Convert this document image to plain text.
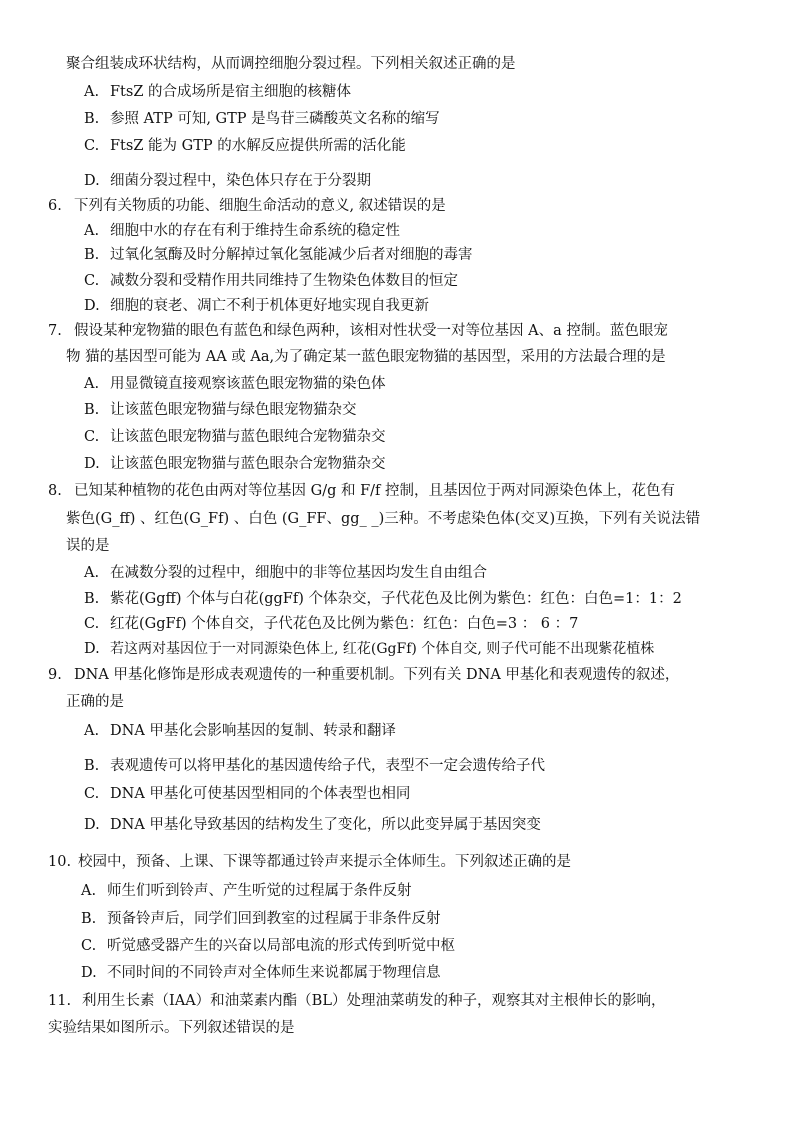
聚合组装成环状结构，从而调控细胞分裂过程。下列相关叙述正确的是
A. FtsZ 的合成场所是宿主细胞的核糖体
B. 参照 ATP 可知, GTP 是鸟苷三磷酸英文名称的缩写
C. FtsZ 能为 GTP 的水解反应提供所需的活化能
D. 细菌分裂过程中，染色体只存在于分裂期
6. 下列有关物质的功能、细胞生命活动的意义, 叙述错误的是
A. 细胞中水的存在有利于维持生命系统的稳定性
B. 过氧化氢酶及时分解掉过氧化氢能减少后者对细胞的毒害
C. 减数分裂和受精作用共同维持了生物染色体数目的恒定
D. 细胞的衰老、凋亡不利于机体更好地实现自我更新
7. 假设某种宠物猫的眼色有蓝色和绿色两种，该相对性状受一对等位基因 A、a 控制。蓝色眼宠
物 猫的基因型可能为 AA 或 Aa,为了确定某一蓝色眼宠物猫的基因型，采用的方法最合理的是
A. 用显微镜直接观察该蓝色眼宠物猫的染色体
B. 让该蓝色眼宠物猫与绿色眼宠物猫杂交
C. 让该蓝色眼宠物猫与蓝色眼纯合宠物猫杂交
D. 让该蓝色眼宠物猫与蓝色眼杂合宠物猫杂交
8. 已知某种植物的花色由两对等位基因 G/g 和 F/f 控制，且基因位于两对同源染色体上，花色有
紫色(G_ff) 、红色(G_Ff) 、白色 (G_FF、gg_ _)三种。不考虑染色体(交叉)互换，下列有关说法错
误的是
A. 在减数分裂的过程中，细胞中的非等位基因均发生自由组合
B. 紫花(Ggff) 个体与白花(ggFf) 个体杂交，子代花色及比例为紫色：红色：白色=1：1：2
C. 红花(GgFf) 个体自交，子代花色及比例为紫色：红色：白色=3 ： 6 ：7
D. 若这两对基因位于一对同源染色体上, 红花(GgFf) 个体自交, 则子代可能不出现紫花植株
9. DNA 甲基化修饰是形成表观遗传的一种重要机制。下列有关 DNA 甲基化和表观遗传的叙述，
正确的是
A. DNA 甲基化会影响基因的复制、转录和翻译
B. 表观遗传可以将甲基化的基因遗传给子代，表型不一定会遗传给子代
C. DNA 甲基化可使基因型相同的个体表型也相同
D. DNA 甲基化导致基因的结构发生了变化，所以此变异属于基因突变
10. 校园中，预备、上课、下课等都通过铃声来提示全体师生。下列叙述正确的是
A. 师生们听到铃声、产生听觉的过程属于条件反射
B. 预备铃声后，同学们回到教室的过程属于非条件反射
C. 听觉感受器产生的兴奋以局部电流的形式传到听觉中枢
D. 不同时间的不同铃声对全体师生来说都属于物理信息
11. 利用生长素（IAA）和油菜素内酯（BL）处理油菜萌发的种子，观察其对主根伸长的影响，
实验结果如图所示。下列叙述错误的是
